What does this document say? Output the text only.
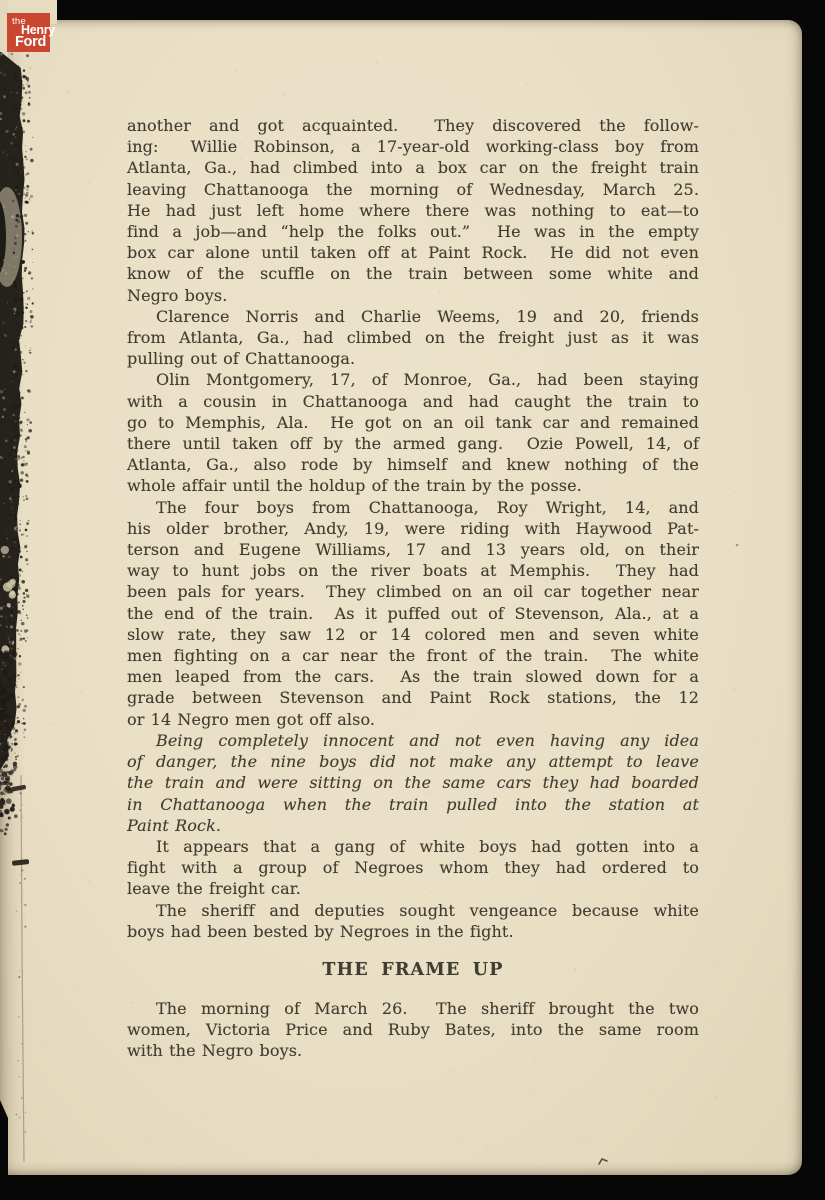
the
Henry
Ford
another and got acquainted.  They discovered the follow-
ing:  Willie Robinson, a 17-year-old working-class boy from
Atlanta, Ga., had climbed into a box car on the freight train
leaving Chattanooga the morning of Wednesday, March 25.
He had just left home where there was nothing to eat—to
find a job—and “help the folks out.”  He was in the empty
box car alone until taken off at Paint Rock.  He did not even
know of the scuffle on the train between some white and
Negro boys.
Clarence Norris and Charlie Weems, 19 and 20, friends
from Atlanta, Ga., had climbed on the freight just as it was
pulling out of Chattanooga.
Olin Montgomery, 17, of Monroe, Ga., had been staying
with a cousin in Chattanooga and had caught the train to
go to Memphis, Ala.  He got on an oil tank car and remained
there until taken off by the armed gang.  Ozie Powell, 14, of
Atlanta, Ga., also rode by himself and knew nothing of the
whole affair until the holdup of the train by the posse.
The four boys from Chattanooga, Roy Wright, 14, and
his older brother, Andy, 19, were riding with Haywood Pat-
terson and Eugene Williams, 17 and 13 years old, on their
way to hunt jobs on the river boats at Memphis.  They had
been pals for years.  They climbed on an oil car together near
the end of the train.  As it puffed out of Stevenson, Ala., at a
slow rate, they saw 12 or 14 colored men and seven white
men fighting on a car near the front of the train.  The white
men leaped from the cars.  As the train slowed down for a
grade between Stevenson and Paint Rock stations, the 12
or 14 Negro men got off also.
Being completely innocent and not even having any idea
of danger, the nine boys did not make any attempt to leave
the train and were sitting on the same cars they had boarded
in Chattanooga when the train pulled into the station at
Paint Rock.
It appears that a gang of white boys had gotten into a
fight with a group of Negroes whom they had ordered to
leave the freight car.
The sheriff and deputies sought vengeance because white
boys had been bested by Negroes in the fight.
THE FRAME UP
The morning of March 26.  The sheriff brought the two
women, Victoria Price and Ruby Bates, into the same room
with the Negro boys.
